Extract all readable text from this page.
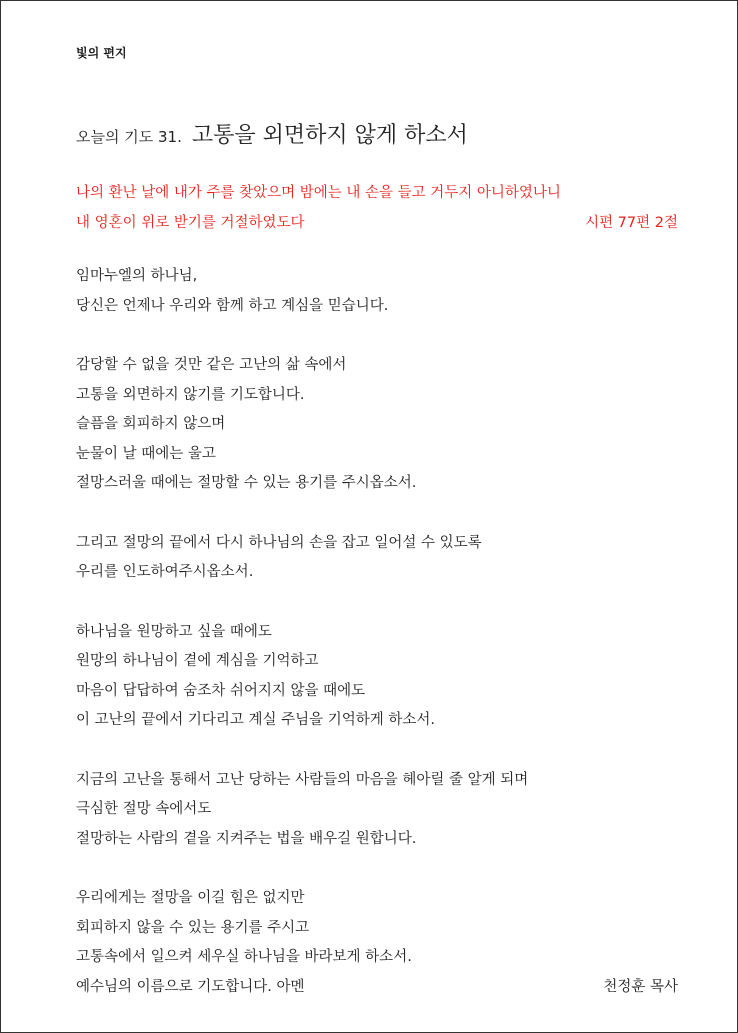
빛의 편지
오늘의 기도 31. 고통을 외면하지 않게 하소서
나의 환난 날에 내가 주를 찾았으며 밤에는 내 손을 들고 거두지 아니하였나니
내 영혼이 위로 받기를 거절하였도다	시편 77편 2절
임마누엘의 하나님,
당신은 언제나 우리와 함께 하고 계심을 믿습니다.
감당할 수 없을 것만 같은 고난의 삶 속에서
고통을 외면하지 않기를 기도합니다.
슬픔을 회피하지 않으며
눈물이 날 때에는 울고
절망스러울 때에는 절망할 수 있는 용기를 주시옵소서.
그리고 절망의 끝에서 다시 하나님의 손을 잡고 일어설 수 있도록
우리를 인도하여주시옵소서.
하나님을 원망하고 싶을 때에도
원망의 하나님이 곁에 계심을 기억하고
마음이 답답하여 숨조차 쉬어지지 않을 때에도
이 고난의 끝에서 기다리고 계실 주님을 기억하게 하소서.
지금의 고난을 통해서 고난 당하는 사람들의 마음을 헤아릴 줄 알게 되며
극심한 절망 속에서도
절망하는 사람의 곁을 지켜주는 법을 배우길 원합니다.
우리에게는 절망을 이길 힘은 없지만
회피하지 않을 수 있는 용기를 주시고
고통속에서 일으켜 세우실 하나님을 바라보게 하소서.
예수님의 이름으로 기도합니다. 아멘	천정훈 목사
